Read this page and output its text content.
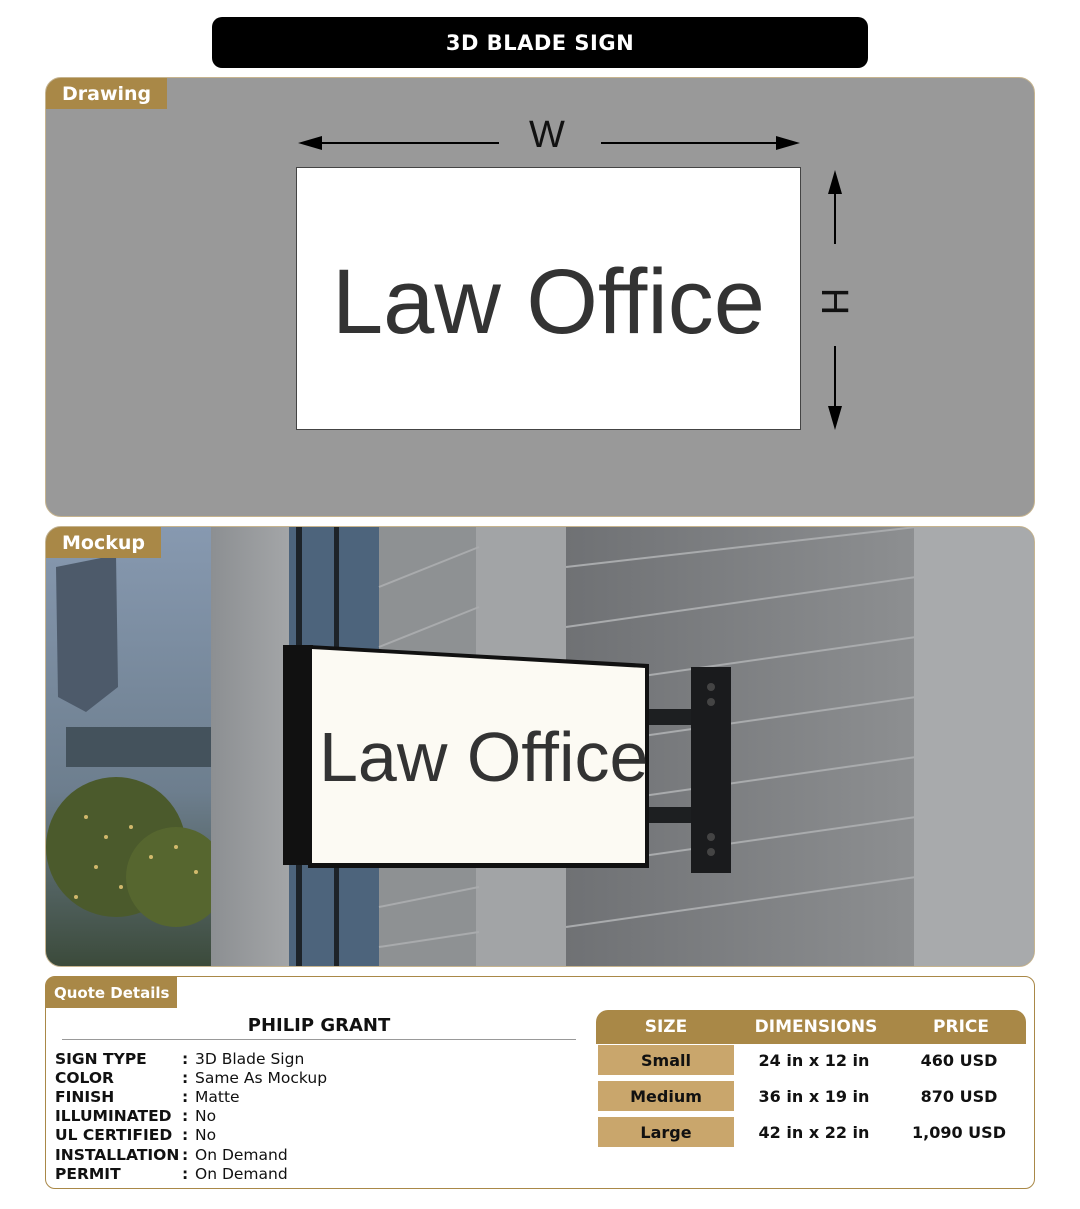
3D BLADE SIGN
Drawing
W
H
Law Office
Law Office
Mockup
Quote Details
PHILIP GRANT
SIGN TYPE	: 3D Blade Sign
COLOR	: Same As Mockup
FINISH	: Matte
ILLUMINATED : No
UL CERTIFIED : No
INSTALLATION : On Demand
PERMIT	: On Demand
SIZE	DIMENSIONS	PRICE
Small	24 in x 12 in	460 USD
Medium	36 in x 19 in	870 USD
Large	42 in x 22 in	1,090 USD
